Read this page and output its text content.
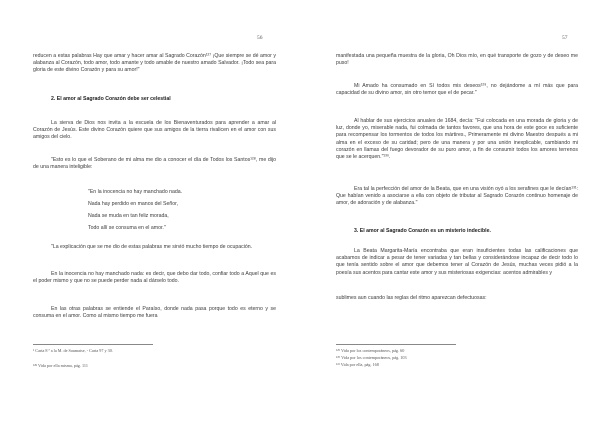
56

reducen a estas palabras Hay que amar y hacer amar al Sagrado Corazón¹²⁷ ¡Que siempre se dé amor y alabanza al Corazón, todo amor, todo amante y todo amable de nuestro amado Salvador. ¡Todo sea para gloria de este divino Corazón y para su amor!"

2. El amor al Sagrado Corazón debe ser celestial

La sierva de Dios nos invita a la escuela de los Bienaventurados para aprender a amar al Corazón de Jesús. Este divino Corazón quiere que sus amigos de la tierra rivalicen en el amor con sus amigos del cielo.

"Esto es lo que el Soberano de mi alma me dio a conocer el día de Todos los Santos¹²⁸, me dijo de una manera inteligible:

"En la inocencia no hay manchado nada.
Nada hay perdido en manos del Señor,
Nada se muda en tan feliz morada,
Todo allí se consuma en el amor."

"La explicación que se me dio de estas palabras me sirvió mucho tiempo de ocupación.

En la inocencia no hay manchado nada: es decir, que debo dar todo, confiar todo a Aquel que es el poder mismo y que no se puede perder nada al dárselo todo.

En las otras palabras se entiende el Paraíso, donde nada pasa porque todo es eterno y se consuma en el amor. Como al mismo tiempo me fuera

¹ Carta 8 ª a la M. de Saumaise, - Carta 97 y 30.
¹²⁸ Vida por ella misma, pág. 111
57

manifestada una pequeña muestra de la gloria, Oh Dios mío, en qué transporte de gozo y de deseo me puso!

Mi Amado ha consumado en Sí todos mis deseos¹²⁹, no dejándome a mí más que para capacidad de su divino amor, sin otro temor que el de pecar."

Al hablar de sus ejercicios anuales de 1684, decía: "Fui colocada en una morada de gloria y de luz, donde yo, miserable nada, fui colmada de tantos favores, que una hora de este goce es suficiente para recompensar los tormentos de todos los mártires., Primeramente mi divino Maestro después a mi alma en el exceso de su caridad; pero de una manera y por una unión inexplicable, cambiando mi corazón en llamas del fuego devorador de su puro amor, a fin de consumir todos los amores terrenos que se le acerquen."¹³⁰.

Era tal la perfección del amor de la Beata, que en una visión oyó a los serafines que le decían¹³¹: Que habían venido a asociarse a ella con objeto de tributar al Sagrado Corazón continuo homenaje de amor, de adoración y de alabanza."

3. El amor al Sagrado Corazón es un misterio indecible.

La Beata Margarita-María encontraba que eran insuficientes todas las calificaciones que acabamos de indicar a pesar de tener variadas y tan bellas y considerándose incapaz de decir todo lo que tenía sentido sobre el amor que debemos tener al Corazón de Jesús, muchas veces pidió a la poesía sus acentos para cantar este amor y sus misteriosas exigencias: acentos admirables y

sublimes aun cuando las reglas del ritmo aparezcan defectuosas:

¹²⁹ Vida por los contemporáneos, pág. 60
¹³⁰ Vida por los contemporáneos, pág. 103
¹³¹ Vida por ella, pág. 168
